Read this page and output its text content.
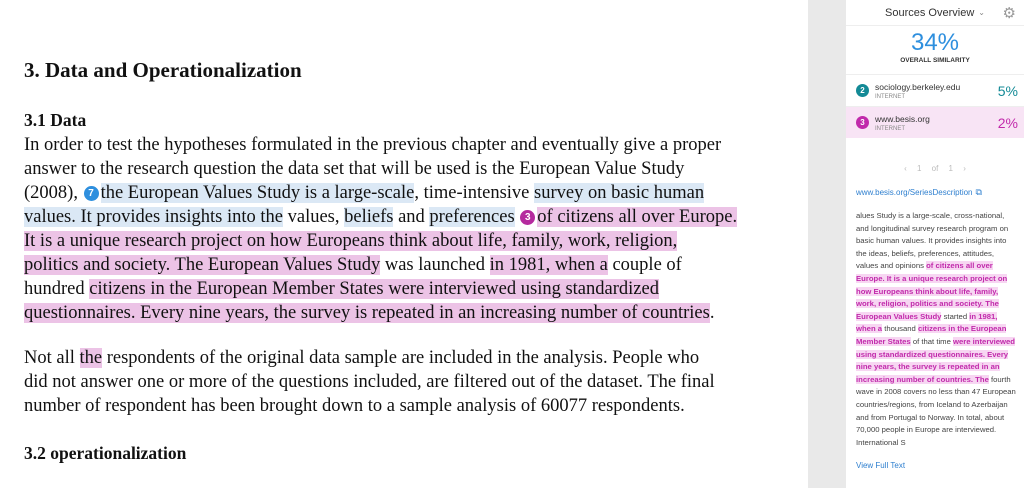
3. Data and Operationalization
3.1 Data
In order to test the hypotheses formulated in the previous chapter and eventually give a proper
answer to the research question the data set that will be used is the European Value Study
(2008), 7 the European Values Study is a large-scale, time-intensive survey on basic human
values. It provides insights into the values, beliefs and preferences 3 of citizens all over Europe.
It is a unique research project on how Europeans think about life, family, work, religion,
politics and society. The European Values Study was launched in 1981, when a couple of
hundred citizens in the European Member States were interviewed using standardized
questionnaires. Every nine years, the survey is repeated in an increasing number of countries.
Not all the respondents of the original data sample are included in the analysis. People who
did not answer one or more of the questions included, are filtered out of the dataset. The final
number of respondent has been brought down to a sample analysis of 60077 respondents.
3.2 operationalization
Sources Overview ⌄ ⚙
34%
OVERALL SIMILARITY
2	sociology.berkeley.edu
INTERNET	5%
3	www.besis.org
INTERNET	2%
‹ 1 of 1 ›
www.besis.org/SeriesDescription ⧉
alues Study is a large-scale, cross-national, and longitudinal survey research program on basic human values. It provides insights into the ideas, beliefs, preferences, attitudes, values and opinions of citizens all over Europe. It is a unique research project on how Europeans think about life, family, work, religion, politics and society. The European Values Study started in 1981, when a thousand citizens in the European Member States of that time were interviewed using standardized questionnaires. Every nine years, the survey is repeated in an increasing number of countries. The fourth wave in 2008 covers no less than 47 European countries/regions, from Iceland to Azerbaijan and from Portugal to Norway. In total, about 70,000 people in Europe are interviewed. International S
View Full Text
